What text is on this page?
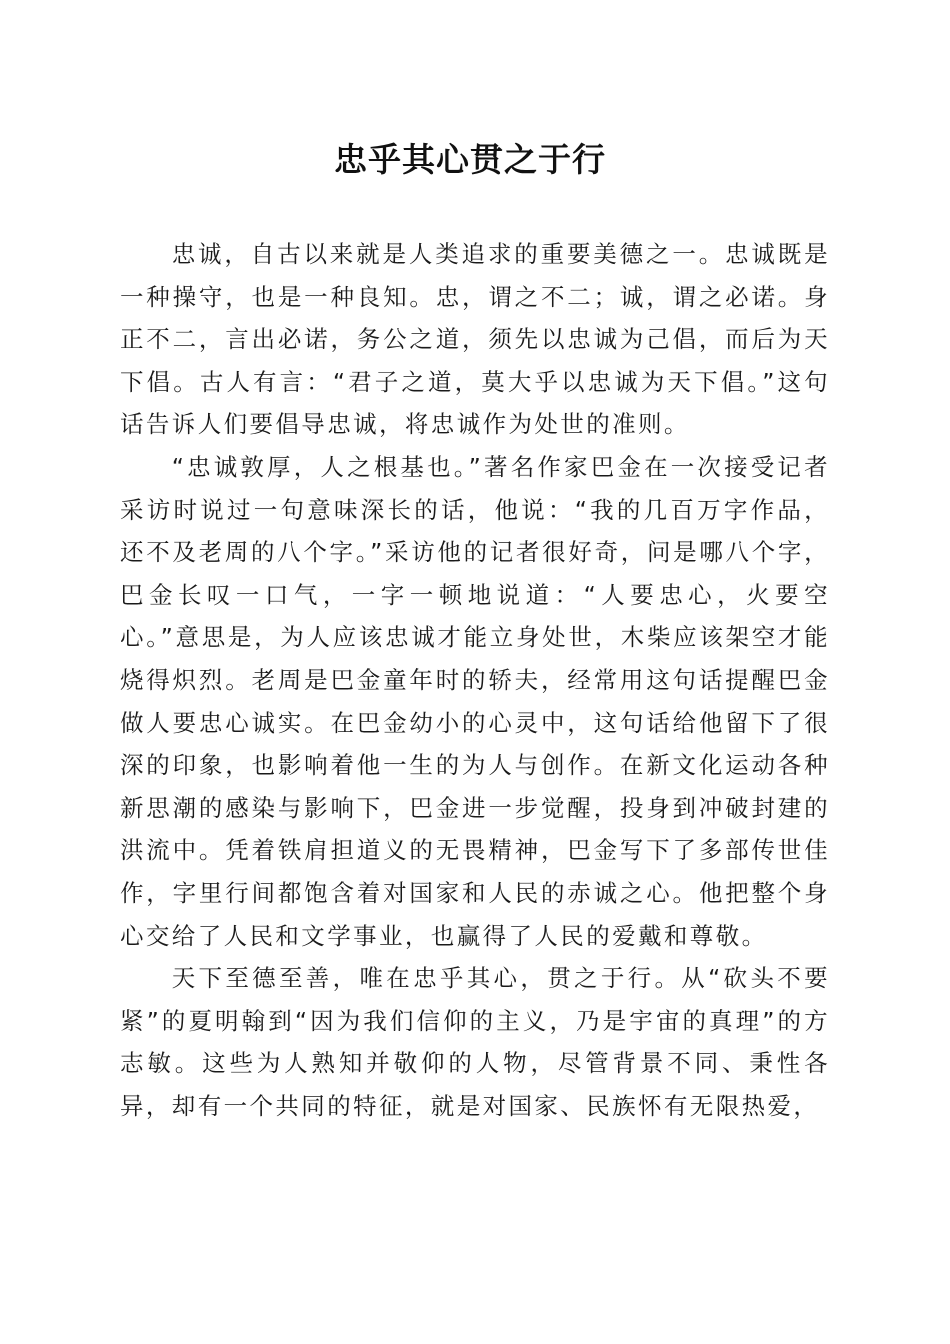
忠乎其心贯之于行

忠诚，自古以来就是人类追求的重要美德之一。忠诚既是一种操守，也是一种良知。忠，谓之不二；诚，谓之必诺。身正不二，言出必诺，务公之道，须先以忠诚为己倡，而后为天下倡。古人有言：“君子之道，莫大乎以忠诚为天下倡。”这句话告诉人们要倡导忠诚，将忠诚作为处世的准则。

“忠诚敦厚，人之根基也。”著名作家巴金在一次接受记者采访时说过一句意味深长的话，他说：“我的几百万字作品，还不及老周的八个字。”采访他的记者很好奇，问是哪八个字，巴金长叹一口气，一字一顿地说道：“人要忠心，火要空心。”意思是，为人应该忠诚才能立身处世，木柴应该架空才能烧得炽烈。老周是巴金童年时的轿夫，经常用这句话提醒巴金做人要忠心诚实。在巴金幼小的心灵中，这句话给他留下了很深的印象，也影响着他一生的为人与创作。在新文化运动各种新思潮的感染与影响下，巴金进一步觉醒，投身到冲破封建的洪流中。凭着铁肩担道义的无畏精神，巴金写下了多部传世佳作，字里行间都饱含着对国家和人民的赤诚之心。他把整个身心交给了人民和文学事业，也赢得了人民的爱戴和尊敬。

天下至德至善，唯在忠乎其心，贯之于行。从“砍头不要紧”的夏明翰到“因为我们信仰的主义，乃是宇宙的真理”的方志敏。这些为人熟知并敬仰的人物，尽管背景不同、秉性各异，却有一个共同的特征，就是对国家、民族怀有无限热爱，
